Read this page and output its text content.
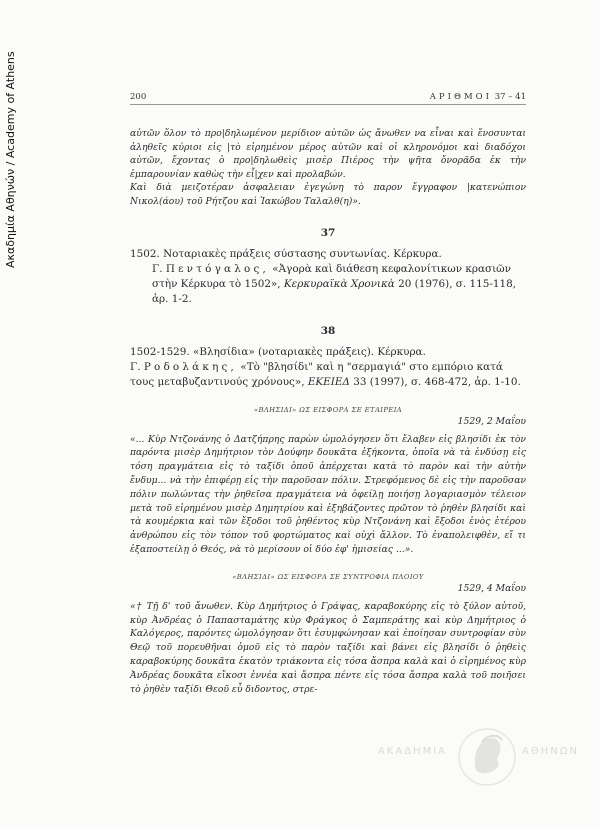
Ακαδημία Αθηνών / Academy of Athens	200	ΑΡΙΘΜΟΙ 37 – 41

αὐτῶν ὅλον τὸ προ|δηλωμένον μερίδιον αὐτῶν ὡς ἄνωθεν να εἶναι καὶ ἔνοσυνται ἀληθεῖς κύριοι εἰς |τὸ εἰρημένον μέρος αὐτῶν καὶ οἱ κληρονόμοι καὶ διαδόχοι αὐτῶν, ἔχοντας ὁ προ|δηλωθεὶς μισὲρ Πιέρος τὴν ψῆτα ὄνορᾶδα ἐκ τὴν ἐμπαρουνίαν καθὼς τὴν εἶ|χεν καὶ προλαβών.

Καὶ διὰ μειζοτέραν ἀσφαλειαν ἐγεγώνη τὸ παρον ἔγγραφον |κατενώπιον Νικολ(άου) τοῦ Ρήτζου καὶ Ἰακώβου Ταλαλθ(η)».

37
1502. Νοταριακὲς πράξεις σύστασης συντωνίας. Κέρκυρα.
Γ. Πεντόγαλος, «Ἀγορὰ καὶ διάθεση κεφαλονίτικων κρασιῶν στὴν Κέρκυρα τὸ 1502», Κερκυραϊκὰ Χρονικὰ 20 (1976), σ. 115-118, ἀρ. 1-2.
38
1502-1529. «Βλησίδια» (νοταριακὲς πράξεις). Κέρκυρα.
Γ. Ροδολάκης, «Τὸ "βλησίδι" καὶ η "σερμαγιά" στο εμπόριο κατά τους μεταβυζαντινούς χρόνους», ΕΚΕΙΕΔ 33 (1997), σ. 468-472, ἀρ. 1-10.
«ΒΛΗΣΙΔΙ» ΩΣ ΕΙΣΦΟΡΑ ΣΕ ΕΤΑΙΡΕΙΑ
1529, 2 Μαΐου

«... Κὺρ Ντζονάνης ὁ Δατζήπρης παρὼν ὡμολόγησεν ὅτι ἔλαβεν εἰς βλησίδι ἐκ τὸν παρόντα μισὲρ Δημήτριον τὸν Δούφην δουκᾶτα ἑξήκοντα, ὁποῖα νὰ τὰ ἐνδύσῃ εἰς τόση πραγμάτεια εἰς τὸ ταξίδι ὁποῦ ἀπέρχεται κατὰ τὸ παρὸν καὶ τὴν αὐτὴν ἔνδυμ... νὰ τὴν ἐπιφέρῃ εἰς τὴν παροῦσαν πόλιν. Στρεφόμενος δὲ εἰς τὴν παροῦσαν πόλιν πωλώντας τὴν ῥηθεῖσα πραγμάτεια νὰ ὀφείλῃ ποιήσῃ λογαριασμὸν τέλειον μετὰ τοῦ εἰρημένου μισὲρ Δημητρίου καὶ ἐξηβάζοντες πρῶτον τὸ ῥηθὲν βλησίδι καὶ τὰ κουμέρκια καὶ τῶν ἔξοδοι τοῦ ῥηθέντος κὺρ Ντζονάνη καὶ ἔξοδοι ἑνὸς ἑτέρου ἀνθρώπου εἰς τὸν τόπον τοῦ φορτώματος καὶ οὐχὶ ἄλλον. Τὸ ἐναπολειφθὲν, εἴ τι ἐξαποστείλῃ ὁ Θεός, νὰ τὸ μερίσουν οἱ δύο ἐφ' ἡμισείας ...».

«ΒΛΗΣΙΔΙ» ΩΣ ΕΙΣΦΟΡΑ ΣΕ ΣΥΝΤΡΟΦΙΑ ΠΛΟΙΟΥ
1529, 4 Μαΐου

«† Τῇ δ' τοῦ ἄνωθεν. Κὺρ Δημήτριος ὁ Γράψας, καραβοκύρης εἰς τὸ ξύλον αὐτοῦ, κὺρ Ἀνδρέας ὁ Παπασταμάτης κὺρ Φράγκος ὁ Σαμπεράτης καὶ κὺρ Δημήτριος ὁ Καλόγερος, παρόντες ὡμολόγησαν ὅτι ἐσυμφώνησαν καὶ ἐποίησαν συντροφίαν σὺν Θεῷ τοῦ πορευθῆναι ὁμοῦ εἰς τὸ παρὸν ταξίδι καὶ βάνει εἰς βλησίδι ὁ ῥηθεὶς καραβοκύρης δουκᾶτα ἑκατὸν τριάκοντα εἰς τόσα ἄσπρα καλὰ καὶ ὁ εἰρημένος κὺρ Ἀνδρέας δουκᾶτα εἴκοσι ἐννέα καὶ ἄσπρα πέντε εἰς τόσα ἄσπρα καλὰ τοῦ ποιῆσει τὸ ῥηθὲν ταξίδι Θεοῦ εὖ διδοντος, στρε-

ΑΚΑΔΗΜΙΑ	ΑΘΗΝΩΝ
